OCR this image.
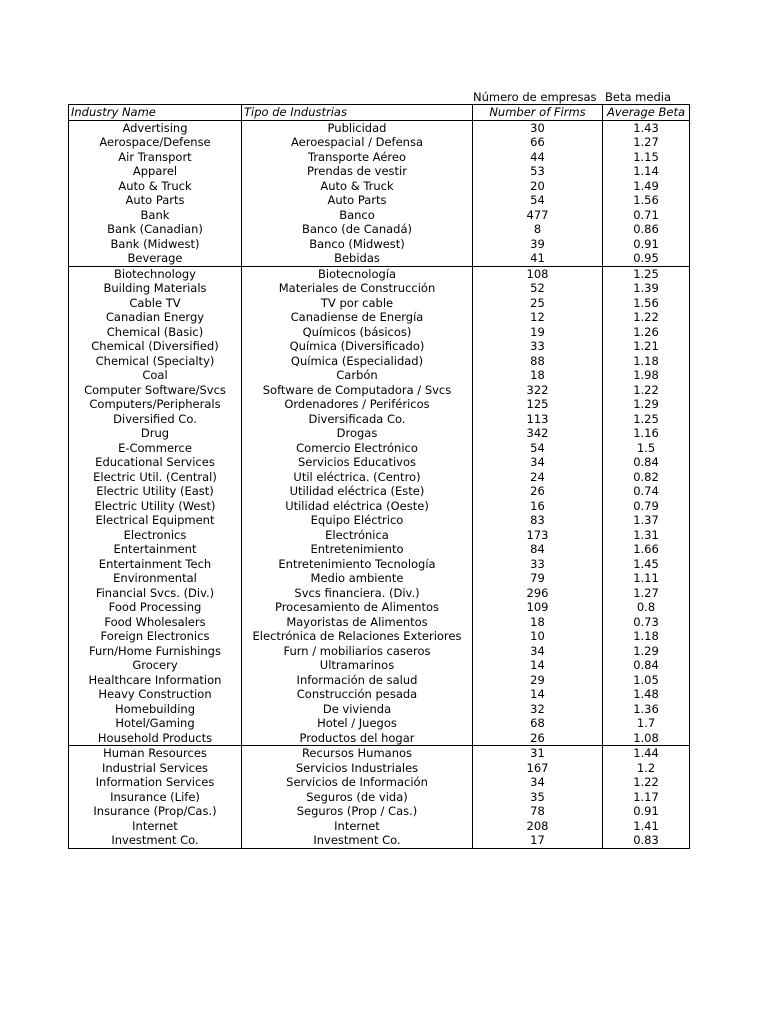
Número de empresas Beta media
Industry Name	Tipo de Industrias	Number of Firms	Average Beta
Advertising	Publicidad	30	1.43
Aerospace/Defense	Aeroespacial / Defensa	66	1.27
Air Transport	Transporte Aéreo	44	1.15
Apparel	Prendas de vestir	53	1.14
Auto & Truck	Auto & Truck	20	1.49
Auto Parts	Auto Parts	54	1.56
Bank	Banco	477	0.71
Bank (Canadian)	Banco (de Canadá)	8	0.86
Bank (Midwest)	Banco (Midwest)	39	0.91
Beverage	Bebidas	41	0.95
Biotechnology	Biotecnología	108	1.25
Building Materials	Materiales de Construcción	52	1.39
Cable TV	TV por cable	25	1.56
Canadian Energy	Canadiense de Energía	12	1.22
Chemical (Basic)	Químicos (básicos)	19	1.26
Chemical (Diversified)	Química (Diversificado)	33	1.21
Chemical (Specialty)	Química (Especialidad)	88	1.18
Coal	Carbón	18	1.98
Computer Software/Svcs	Software de Computadora / Svcs	322	1.22
Computers/Peripherals	Ordenadores / Periféricos	125	1.29
Diversified Co.	Diversificada Co.	113	1.25
Drug	Drogas	342	1.16
E-Commerce	Comercio Electrónico	54	1.5
Educational Services	Servicios Educativos	34	0.84
Electric Util. (Central)	Util eléctrica. (Centro)	24	0.82
Electric Utility (East)	Utilidad eléctrica (Este)	26	0.74
Electric Utility (West)	Utilidad eléctrica (Oeste)	16	0.79
Electrical Equipment	Equipo Eléctrico	83	1.37
Electronics	Electrónica	173	1.31
Entertainment	Entretenimiento	84	1.66
Entertainment Tech	Entretenimiento Tecnología	33	1.45
Environmental	Medio ambiente	79	1.11
Financial Svcs. (Div.)	Svcs financiera. (Div.)	296	1.27
Food Processing	Procesamiento de Alimentos	109	0.8
Food Wholesalers	Mayoristas de Alimentos	18	0.73
Foreign Electronics	Electrónica de Relaciones Exteriores	10	1.18
Furn/Home Furnishings	Furn / mobiliarios caseros	34	1.29
Grocery	Ultramarinos	14	0.84
Healthcare Information	Información de salud	29	1.05
Heavy Construction	Construcción pesada	14	1.48
Homebuilding	De vivienda	32	1.36
Hotel/Gaming	Hotel / Juegos	68	1.7
Household Products	Productos del hogar	26	1.08
Human Resources	Recursos Humanos	31	1.44
Industrial Services	Servicios Industriales	167	1.2
Information Services	Servicios de Información	34	1.22
Insurance (Life)	Seguros (de vida)	35	1.17
Insurance (Prop/Cas.)	Seguros (Prop / Cas.)	78	0.91
Internet	Internet	208	1.41
Investment Co.	Investment Co.	17	0.83
